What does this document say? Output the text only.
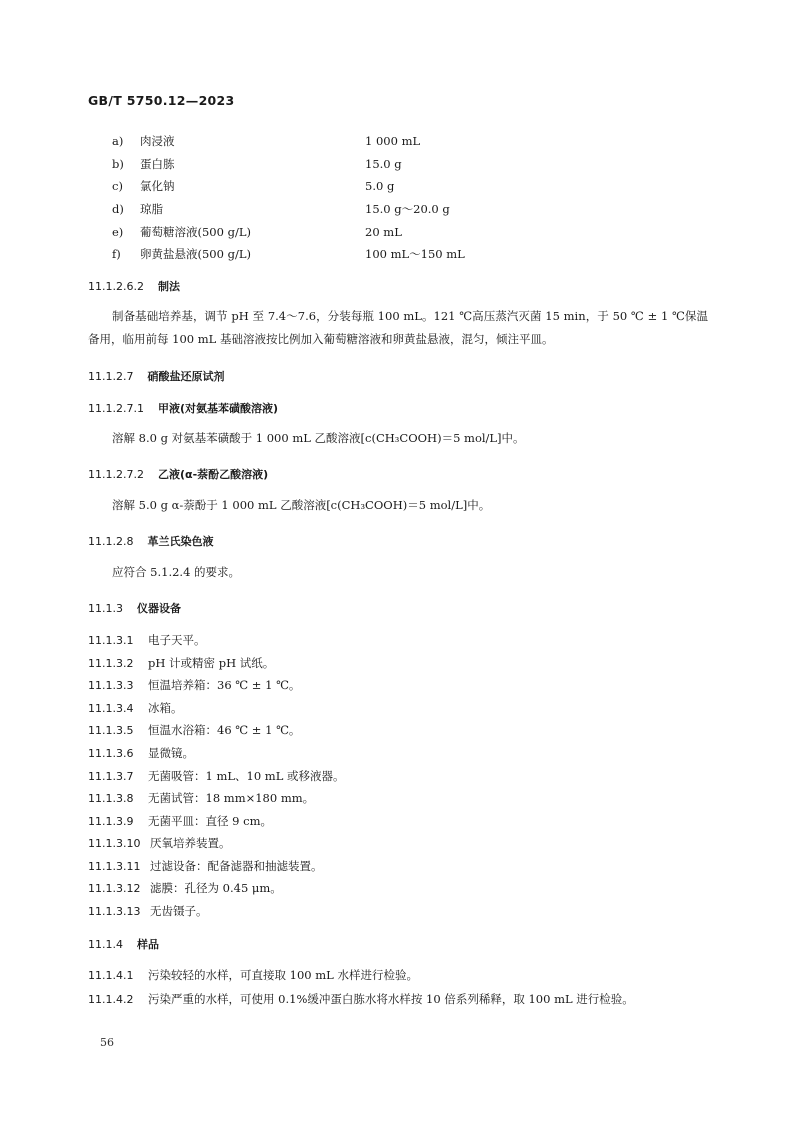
GB/T 5750.12—2023
a)	肉浸液	1 000 mL
b)	蛋白胨	15.0 g
c)	氯化钠	5.0 g
d)	琼脂	15.0 g～20.0 g
e)	葡萄糖溶液(500 g/L)	20 mL
f)	卵黄盐悬液(500 g/L)	100 mL～150 mL
11.1.2.6.2 制法
制备基础培养基，调节 pH 至 7.4～7.6，分装每瓶 100 mL。121 ℃高压蒸汽灭菌 15 min，于 50 ℃ ± 1 ℃保温备用，临用前每 100 mL 基础溶液按比例加入葡萄糖溶液和卵黄盐悬液，混匀，倾注平皿。
11.1.2.7 硝酸盐还原试剂
11.1.2.7.1 甲液(对氨基苯磺酸溶液)
溶解 8.0 g 对氨基苯磺酸于 1 000 mL 乙酸溶液[c(CH₃COOH)＝5 mol/L]中。
11.1.2.7.2 乙液(α-萘酚乙酸溶液)
溶解 5.0 g α-萘酚于 1 000 mL 乙酸溶液[c(CH₃COOH)＝5 mol/L]中。
11.1.2.8 革兰氏染色液
应符合 5.1.2.4 的要求。
11.1.3 仪器设备
11.1.3.1 电子天平。
11.1.3.2 pH 计或精密 pH 试纸。
11.1.3.3 恒温培养箱：36 ℃ ± 1 ℃。
11.1.3.4 冰箱。
11.1.3.5 恒温水浴箱：46 ℃ ± 1 ℃。
11.1.3.6 显微镜。
11.1.3.7 无菌吸管：1 mL、10 mL 或移液器。
11.1.3.8 无菌试管：18 mm×180 mm。
11.1.3.9 无菌平皿：直径 9 cm。
11.1.3.10 厌氧培养装置。
11.1.3.11 过滤设备：配备滤器和抽滤装置。
11.1.3.12 滤膜：孔径为 0.45 μm。
11.1.3.13 无齿镊子。
11.1.4 样品
11.1.4.1 污染较轻的水样，可直接取 100 mL 水样进行检验。
11.1.4.2 污染严重的水样，可使用 0.1%缓冲蛋白胨水将水样按 10 倍系列稀释，取 100 mL 进行检验。
56
